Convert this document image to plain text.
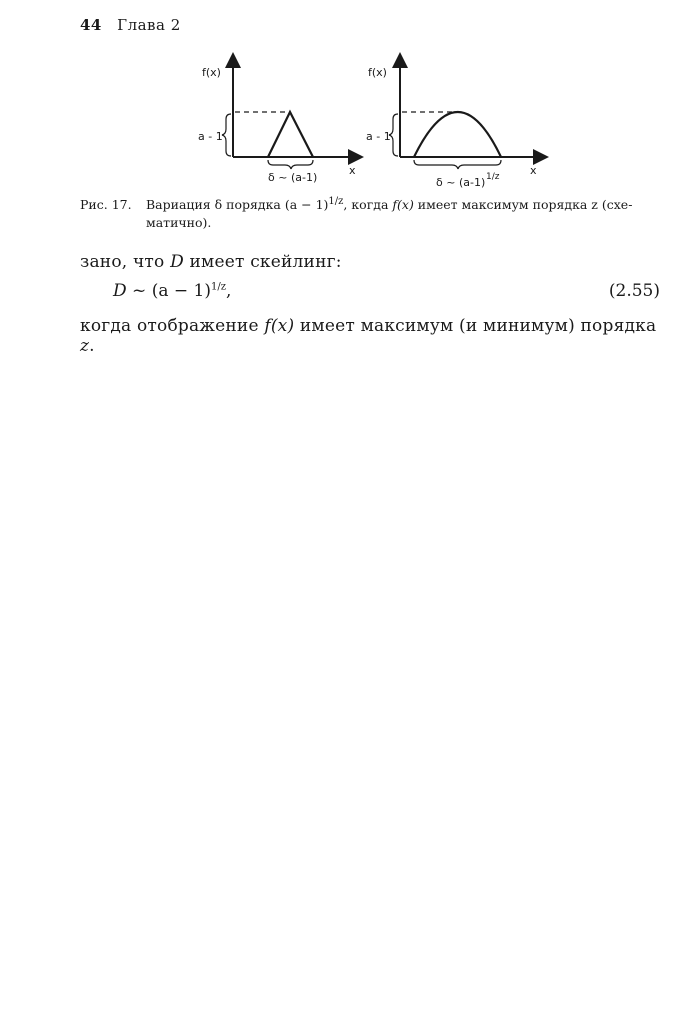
44 Глава 2
f(x)
a - 1
δ ~ (a-1)
x
f(x)
a - 1
δ ~ (a-1) 1/z	x
Рис. 17. Вариация δ порядка $(a - 1)^{1/z}$, когда f(x) имеет максимум порядка z (схе-
матично).
зано, что D имеет скейлинг:
D ~ $(a - 1)^{1/z}$,	(2.55)
когда отображение f(x) имеет максимум (и минимум) порядка z.
